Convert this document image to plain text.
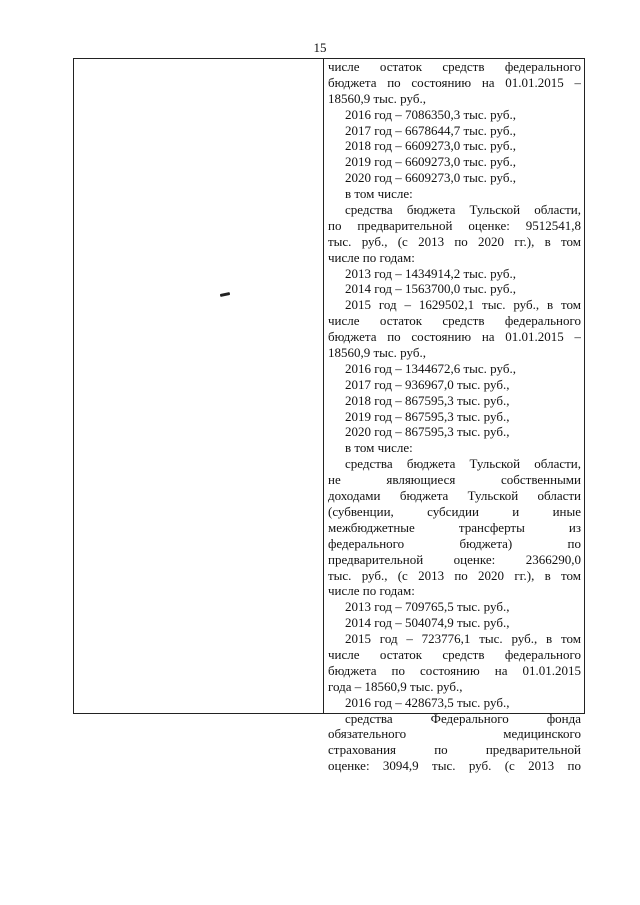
15
числе остаток средств федерального
бюджета по состоянию на 01.01.2015 –
18560,9 тыс. руб.,
2016 год – 7086350,3 тыс. руб.,
2017 год – 6678644,7 тыс. руб.,
2018 год – 6609273,0 тыс. руб.,
2019 год – 6609273,0 тыс. руб.,
2020 год – 6609273,0 тыс. руб.,
в том числе:
средства бюджета Тульской области,
по предварительной оценке: 9512541,8
тыс. руб., (с 2013 по 2020 гг.), в том
числе по годам:
2013 год – 1434914,2 тыс. руб.,
2014 год – 1563700,0 тыс. руб.,
2015 год – 1629502,1 тыс. руб., в том
числе остаток средств федерального
бюджета по состоянию на 01.01.2015 –
18560,9 тыс. руб.,
2016 год – 1344672,6 тыс. руб.,
2017 год – 936967,0 тыс. руб.,
2018 год – 867595,3 тыс. руб.,
2019 год – 867595,3 тыс. руб.,
2020 год – 867595,3 тыс. руб.,
в том числе:
средства бюджета Тульской области,
не являющиеся собственными
доходами бюджета Тульской области
(субвенции, субсидии и иные
межбюджетные трансферты из
федерального бюджета) по
предварительной оценке: 2366290,0
тыс. руб., (с 2013 по 2020 гг.), в том
числе по годам:
2013 год – 709765,5 тыс. руб.,
2014 год – 504074,9 тыс. руб.,
2015 год – 723776,1 тыс. руб., в том
числе остаток средств федерального
бюджета по состоянию на 01.01.2015
года – 18560,9 тыс. руб.,
2016 год – 428673,5 тыс. руб.,
средства Федерального фонда
обязательного медицинского
страхования по предварительной
оценке: 3094,9 тыс. руб. (с 2013 по
